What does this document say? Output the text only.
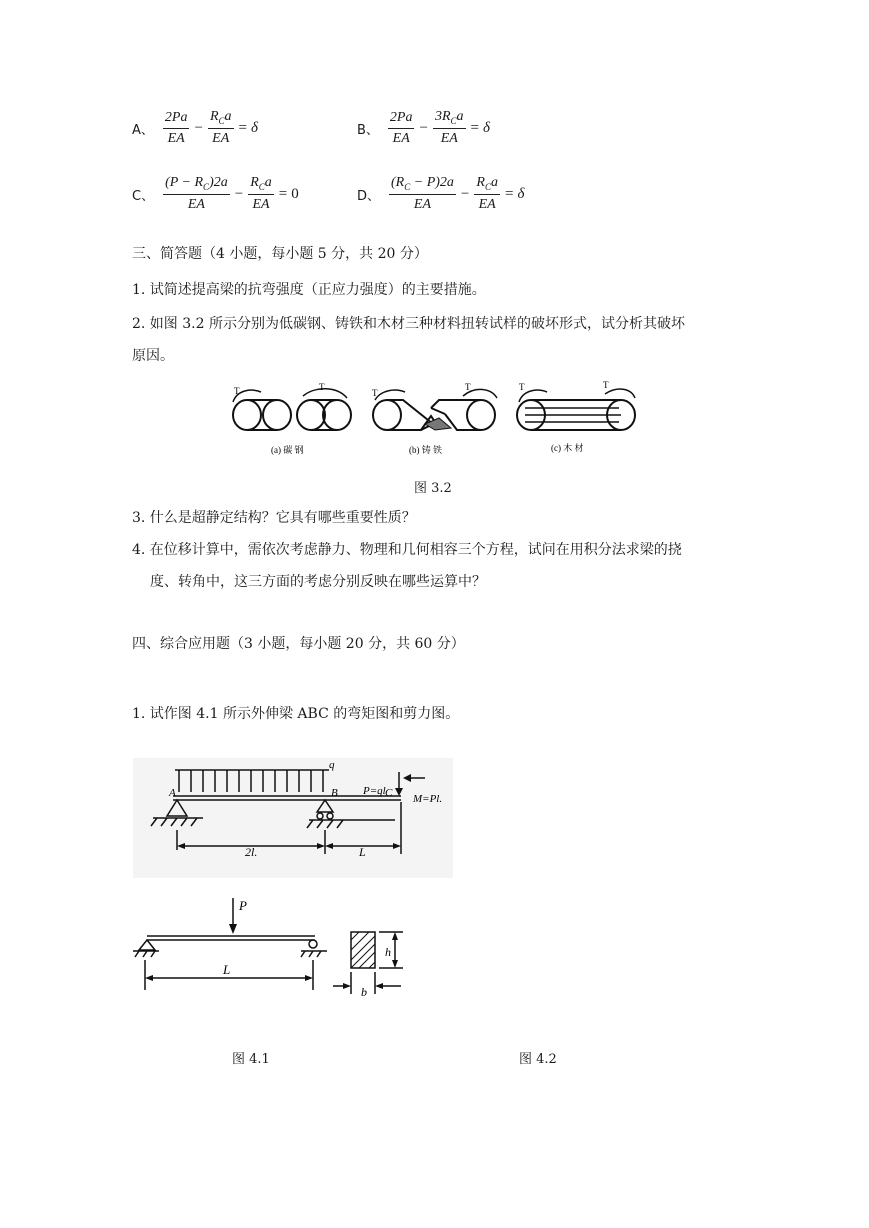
A、 $\frac{2Pa}{EA} - \frac{R_Ca}{EA} = \delta$	B、 $\frac{2Pa}{EA} - \frac{3R_Ca}{EA} = \delta$
C、 $\frac{(P - R_C)2a}{EA} - \frac{R_Ca}{EA} = 0$	D、 $\frac{(R_C - P)2a}{EA} - \frac{R_Ca}{EA} = \delta$
三、简答题（4 小题，每小题 5 分，共 20 分）
1. 试简述提高梁的抗弯强度（正应力强度）的主要措施。
2. 如图 3.2 所示分别为低碳钢、铸铁和木材三种材料扭转试样的破坏形式，试分析其破坏
原因。
T	T
T
T	T	T
(a) 碳 钢	(b) 铸 铁	(c) 木 材
图 3.2
3. 什么是超静定结构？它具有哪些重要性质？
4. 在位移计算中，需依次考虑静力、物理和几何相容三个方程，试问在用积分法求梁的挠
度、转角中，这三方面的考虑分别反映在哪些运算中？
四、综合应用题（3 小题，每小题 20 分，共 60 分）
1. 试作图 4.1 所示外伸梁 ABC 的弯矩图和剪力图。
q
P=ql
M=Pl.
A	B	C
2l.	L
P
L
h
b
图 4.1	图 4.2
